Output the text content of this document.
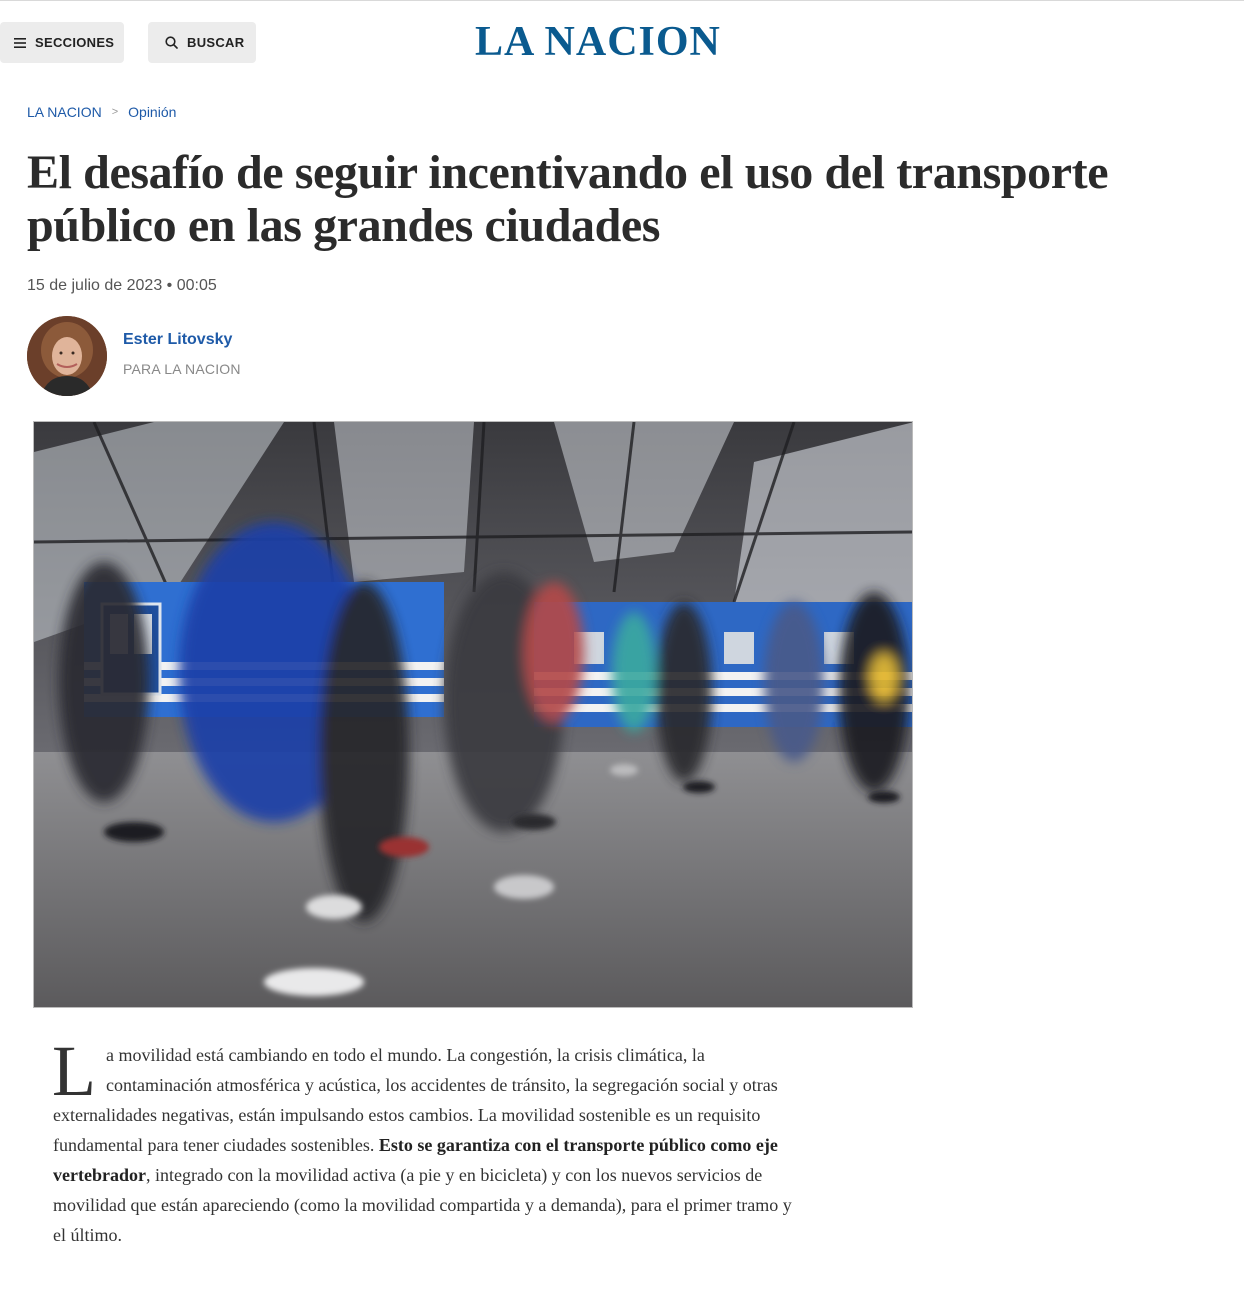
SECCIONES	BUSCAR	LA NACION
LA NACION > Opinión
El desafío de seguir incentivando el uso del transporte público en las grandes ciudades
15 de julio de 2023 • 00:05
Ester Litovsky
PARA LA NACION
L a movilidad está cambiando en todo el mundo. La congestión, la crisis climática, la contaminación atmosférica y acústica, los accidentes de tránsito, la segregación social y otras externalidades negativas, están impulsando estos cambios. La movilidad sostenible es un requisito fundamental para tener ciudades sostenibles. Esto se garantiza con el transporte público como eje vertebrador, integrado con la movilidad activa (a pie y en bicicleta) y con los nuevos servicios de movilidad que están apareciendo (como la movilidad compartida y a demanda), para el primer tramo y el último.
